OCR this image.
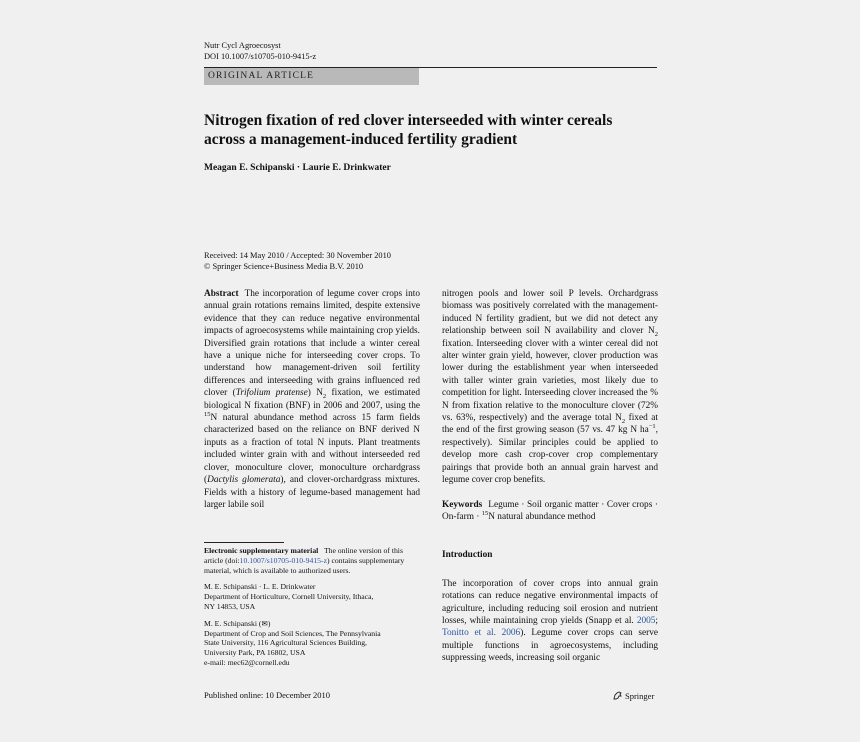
Nutr Cycl Agroecosyst
DOI 10.1007/s10705-010-9415-z
ORIGINAL ARTICLE
Nitrogen fixation of red clover interseeded with winter cereals across a management-induced fertility gradient
Meagan E. Schipanski · Laurie E. Drinkwater
Received: 14 May 2010 / Accepted: 30 November 2010
© Springer Science+Business Media B.V. 2010

Abstract The incorporation of legume cover crops into annual grain rotations remains limited, despite extensive evidence that they can reduce negative environmental impacts of agroecosystems while maintaining crop yields. Diversified grain rotations that include a winter cereal have a unique niche for interseeding cover crops. To understand how management-driven soil fertility differences and interseeding with grains influenced red clover (Trifolium pratense) $N_2$ fixation, we estimated biological N fixation (BNF) in 2006 and 2007, using the $^{15}$N natural abundance method across 15 farm fields characterized based on the reliance on BNF derived N inputs as a fraction of total N inputs. Plant treatments included winter grain with and without interseeded red clover, monoculture clover, monoculture orchardgrass (Dactylis glomerata), and clover-orchardgrass mixtures. Fields with a history of legume-based management had larger labile soil

nitrogen pools and lower soil P levels. Orchardgrass biomass was positively correlated with the management-induced N fertility gradient, but we did not detect any relationship between soil N availability and clover $N_2$ fixation. Interseeding clover with a winter cereal did not alter winter grain yield, however, clover production was lower during the establishment year when interseeded with taller winter grain varieties, most likely due to competition for light. Interseeding clover increased the % N from fixation relative to the monoculture clover (72% vs. 63%, respectively) and the average total $N_2$ fixed at the end of the first growing season (57 vs. 47 kg N $ha^{-1}$, respectively). Similar principles could be applied to develop more cash crop-cover crop complementary pairings that provide both an annual grain harvest and legume cover crop benefits.

Keywords Legume · Soil organic matter · Cover crops · On-farm · $^{15}$N natural abundance method

Introduction

The incorporation of cover crops into annual grain rotations can reduce negative environmental impacts of agriculture, including reducing soil erosion and nutrient losses, while maintaining crop yields (Snapp et al. 2005; Tonitto et al. 2006). Legume cover crops can serve multiple functions in agroecosystems, including suppressing weeds, increasing soil organic

Electronic supplementary material The online version of this article (doi:10.1007/s10705-010-9415-z) contains supplementary material, which is available to authorized users.

M. E. Schipanski · L. E. Drinkwater
Department of Horticulture, Cornell University, Ithaca,
NY 14853, USA

M. E. Schipanski (✉)
Department of Crop and Soil Sciences, The Pennsylvania
State University, 116 Agricultural Sciences Building,
University Park, PA 16802, USA
e-mail: mec62@cornell.edu

Published online: 10 December 2010	Springer
